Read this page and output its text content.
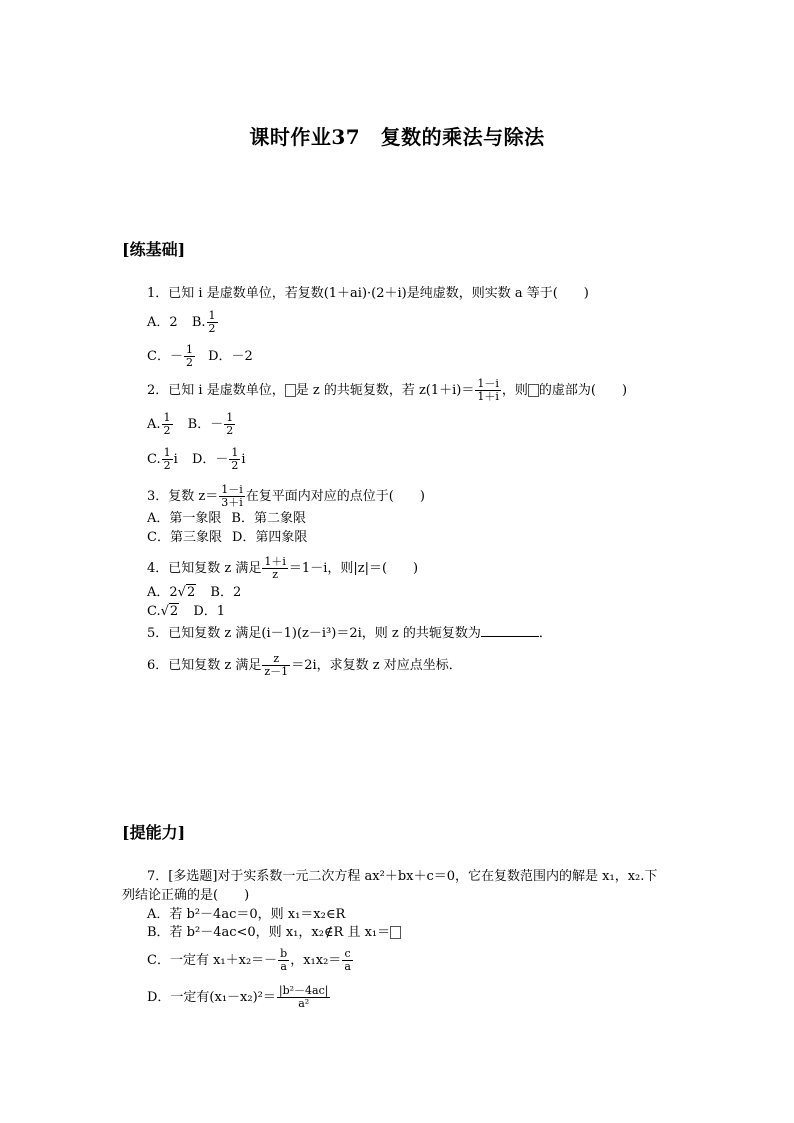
课时作业37　复数的乘法与除法
[练基础]
1．已知 i 是虚数单位，若复数(1＋ai)·(2＋i)是纯虚数，则实数 a 等于(　　)
A．2 B. $\frac{1}{2}$
C．－ $\frac{1}{2}$ D．－2
2．已知 i 是虚数单位， 是 z 的共轭复数，若 $z(1+i)= \frac{1-i}{1+i}$ ，则 的虚部为(　　)
A. $\frac{1}{2}$ B．－ $\frac{1}{2}$
C. $\frac{1}{2}$ i D．－ $\frac{1}{2}$ i
3．复数 $z= \frac{1-i}{3+i}$ 在复平面内对应的点位于(　　)
A．第一象限 B．第二象限
C．第三象限 D．第四象限
4．已知复数 z 满足 $\frac{1+i}{z} =1-i$，则|z|＝(　　)
A．2√2 B．2
C.√2 D．1
5．已知复数 z 满足(i－1)(z－i³)＝2i，则 z 的共轭复数为	．
6．已知复数 z 满足 $\frac{z}{z-1} =2i$，求复数 z 对应点坐标．
[提能力]
7．[多选题]对于实系数一元二次方程 ax²＋bx＋c＝0，它在复数范围内的解是 x₁，x₂.下
列结论正确的是(　　)
A．若 b²－4ac＝0，则 x₁＝x₂∈R
B．若 b²－4ac<0，则 x₁，x₂∉R 且 x₁＝
C．一定有 $x_1+x_2=- \frac{b}{a}$ ，$x_1x_2= \frac{c}{a}$
D．一定有$(x_1-x_2)^2= \frac{\text{|b²－4ac|}}{\text{a²}}$
